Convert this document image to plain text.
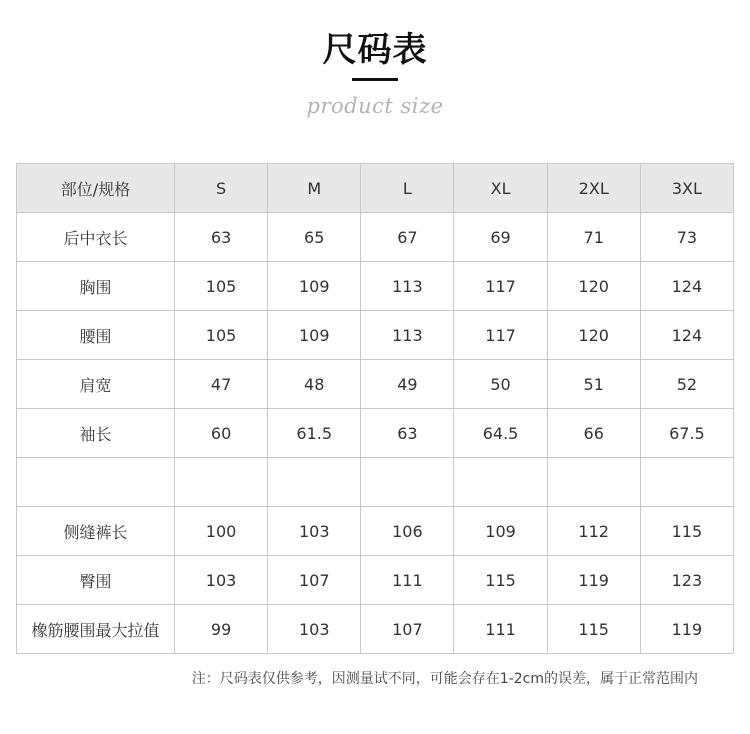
尺码表
product size
部位/规格	S	M	L	XL	2XL	3XL
后中衣长	63	65	67	69	71	73
胸围	105	109	113	117	120	124
腰围	105	109	113	117	120	124
肩宽	47	48	49	50	51	52
袖长	60	61.5	63	64.5	66	67.5

侧缝裤长	100	103	106	109	112	115
臀围	103	107	111	115	119	123
橡筋腰围最大拉值	99	103	107	111	115	119
注：尺码表仅供参考，因测量试不同，可能会存在1-2cm的误差，属于正常范围内
